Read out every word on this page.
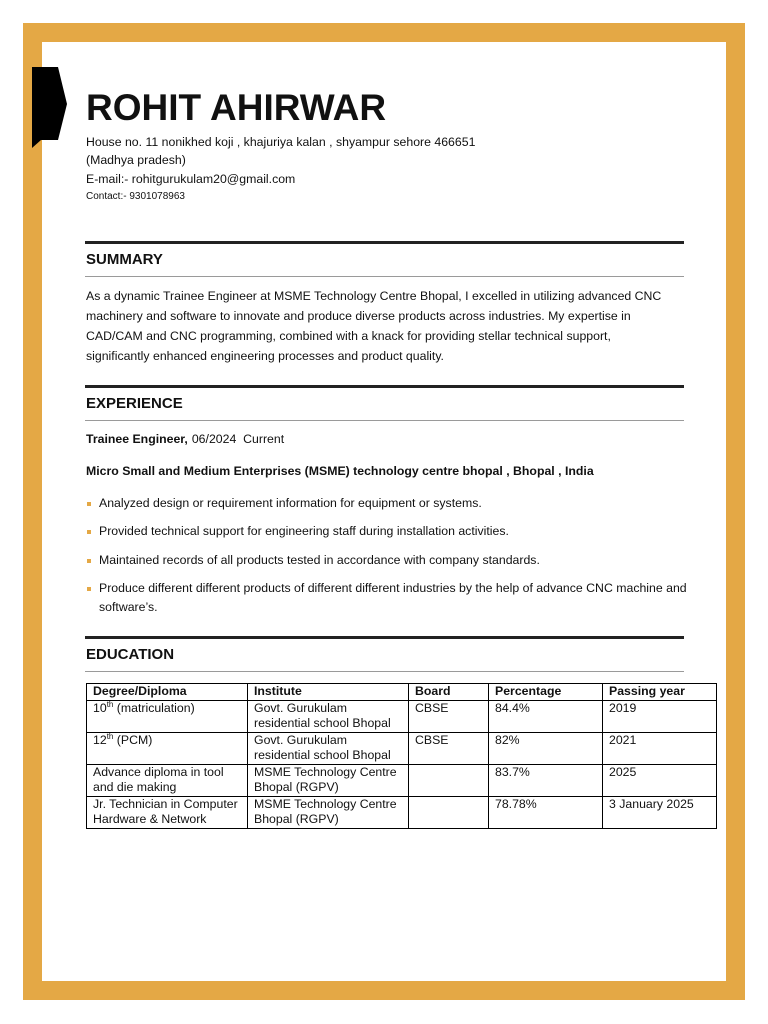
ROHIT AHIRWAR
House no. 11 nonikhed koji , khajuriya kalan , shyampur sehore 466651
(Madhya pradesh)
E-mail:- rohitgurukulam20@gmail.com
Contact:- 9301078963
SUMMARY
As a dynamic Trainee Engineer at MSME Technology Centre Bhopal, I excelled in utilizing advanced CNC machinery and software to innovate and produce diverse products across industries. My expertise in CAD/CAM and CNC programming, combined with a knack for providing stellar technical support, significantly enhanced engineering processes and product quality.
EXPERIENCE
Trainee Engineer, 06/2024  Current
Micro Small and Medium Enterprises (MSME) technology centre bhopal , Bhopal , India
Analyzed design or requirement information for equipment or systems.
Provided technical support for engineering staff during installation activities.
Maintained records of all products tested in accordance with company standards.
Produce different different products of different different industries by the help of advance CNC machine and software’s.
EDUCATION
Degree/Diploma	Institute	Board	Percentage	Passing year
10th (matriculation)	Govt. Gurukulam residential school Bhopal	CBSE	84.4%	2019
12th (PCM)	Govt. Gurukulam residential school Bhopal	CBSE	82%	2021
Advance diploma in tool and die making	MSME Technology Centre Bhopal (RGPV)		83.7%	2025
Jr. Technician in Computer Hardware & Network	MSME Technology Centre Bhopal (RGPV)		78.78%	3 January 2025
